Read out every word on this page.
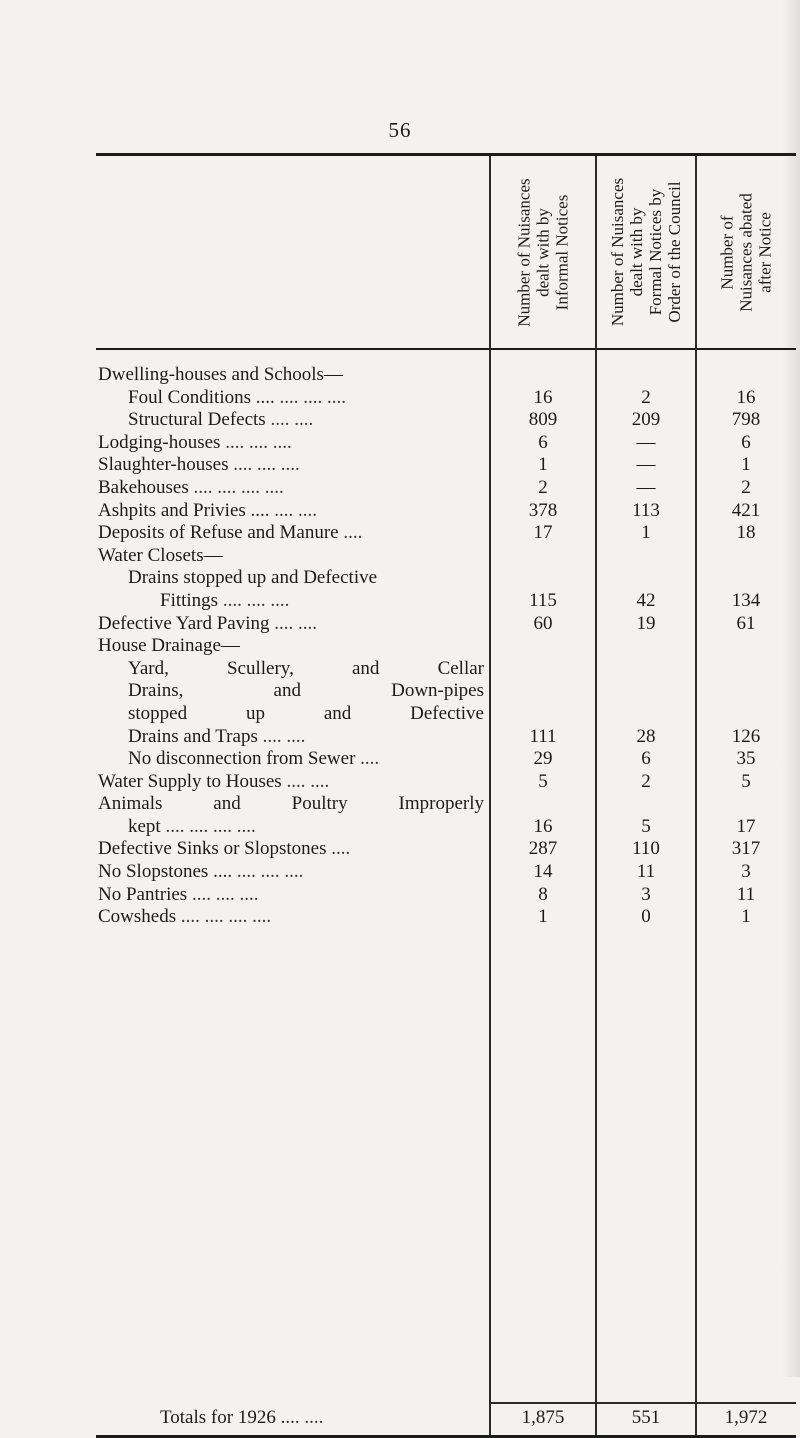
56
Number of Nuisances
dealt with by
Informal Notices
Number of Nuisances
dealt with by
Formal Notices by
Order of the Council
Number of
Nuisances abated
after Notice
Dwelling-houses and Schools—
Foul Conditions .... .... .... ....	16	2	16
Structural Defects .... ....	809	209	798
Lodging-houses .... .... ....	6	—	6
Slaughter-houses .... .... ....	1	—	1
Bakehouses .... .... .... ....	2	—	2
Ashpits and Privies .... .... ....	378	113	421
Deposits of Refuse and Manure ....	17	1	18
Water Closets—
Drains stopped up and Defective
Fittings .... .... ....	115	42	134
Defective Yard Paving .... ....	60	19	61
House Drainage—
Yard, Scullery, and Cellar
Drains, and Down-pipes
stopped up and Defective
Drains and Traps .... ....	111	28	126
No disconnection from Sewer ....	29	6	35
Water Supply to Houses .... ....	5	2	5
Animals and Poultry Improperly
kept .... .... .... ....	16	5	17
Defective Sinks or Slopstones ....	287	110	317
No Slopstones .... .... .... ....	14	11	3
No Pantries .... .... ....	8	3	11
Cowsheds .... .... .... ....	1	0	1
Totals for 1926 .... ....	1,875	551	1,972
